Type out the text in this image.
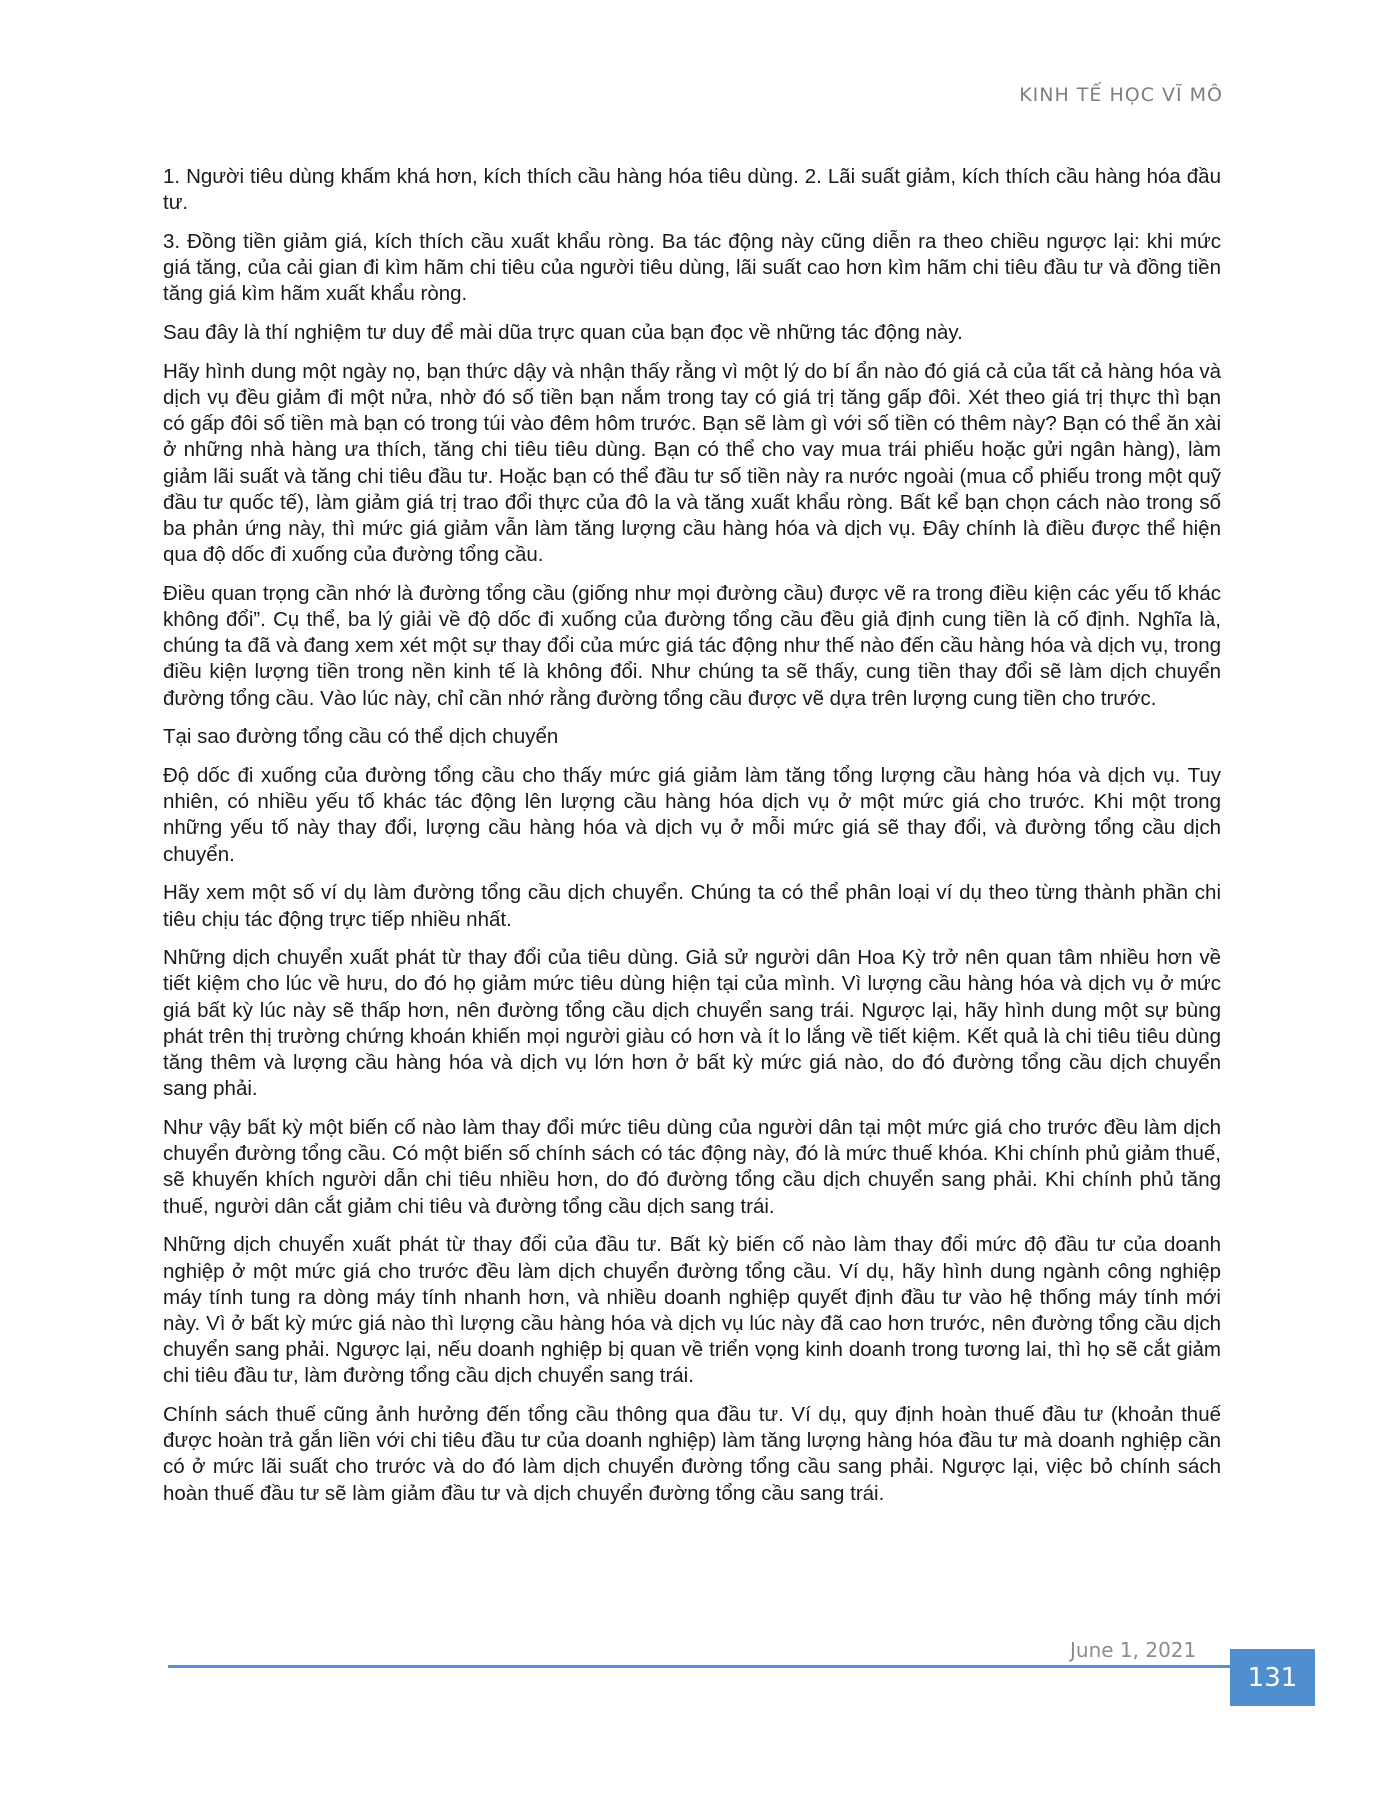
KINH TẾ HỌC VĨ MÔ

1. Người tiêu dùng khấm khá hơn, kích thích cầu hàng hóa tiêu dùng. 2. Lãi suất giảm, kích thích cầu hàng hóa đầu tư.

3. Đồng tiền giảm giá, kích thích cầu xuất khẩu ròng. Ba tác động này cũng diễn ra theo chiều ngược lại: khi mức giá tăng, của cải gian đi kìm hãm chi tiêu của người tiêu dùng, lãi suất cao hơn kìm hãm chi tiêu đầu tư và đồng tiền tăng giá kìm hãm xuất khẩu ròng.

Sau đây là thí nghiệm tư duy để mài dũa trực quan của bạn đọc về những tác động này.

Hãy hình dung một ngày nọ, bạn thức dậy và nhận thấy rằng vì một lý do bí ẩn nào đó giá cả của tất cả hàng hóa và dịch vụ đều giảm đi một nửa, nhờ đó số tiền bạn nắm trong tay có giá trị tăng gấp đôi. Xét theo giá trị thực thì bạn có gấp đôi số tiền mà bạn có trong túi vào đêm hôm trước. Bạn sẽ làm gì với số tiền có thêm này? Bạn có thể ăn xài ở những nhà hàng ưa thích, tăng chi tiêu tiêu dùng. Bạn có thể cho vay mua trái phiếu hoặc gửi ngân hàng), làm giảm lãi suất và tăng chi tiêu đầu tư. Hoặc bạn có thể đầu tư số tiền này ra nước ngoài (mua cổ phiếu trong một quỹ đầu tư quốc tế), làm giảm giá trị trao đổi thực của đô la và tăng xuất khẩu ròng. Bất kể bạn chọn cách nào trong số ba phản ứng này, thì mức giá giảm vẫn làm tăng lượng cầu hàng hóa và dịch vụ. Đây chính là điều được thể hiện qua độ dốc đi xuống của đường tổng cầu.

Điều quan trọng cần nhớ là đường tổng cầu (giống như mọi đường cầu) được vẽ ra trong điều kiện các yếu tố khác không đổi”. Cụ thể, ba lý giải về độ dốc đi xuống của đường tổng cầu đều giả định cung tiền là cố định. Nghĩa là, chúng ta đã và đang xem xét một sự thay đổi của mức giá tác động như thế nào đến cầu hàng hóa và dịch vụ, trong điều kiện lượng tiền trong nền kinh tế là không đổi. Như chúng ta sẽ thấy, cung tiền thay đổi sẽ làm dịch chuyển đường tổng cầu. Vào lúc này, chỉ cần nhớ rằng đường tổng cầu được vẽ dựa trên lượng cung tiền cho trước.

Tại sao đường tổng cầu có thể dịch chuyển

Độ dốc đi xuống của đường tổng cầu cho thấy mức giá giảm làm tăng tổng lượng cầu hàng hóa và dịch vụ. Tuy nhiên, có nhiều yếu tố khác tác động lên lượng cầu hàng hóa dịch vụ ở một mức giá cho trước. Khi một trong những yếu tố này thay đổi, lượng cầu hàng hóa và dịch vụ ở mỗi mức giá sẽ thay đổi, và đường tổng cầu dịch chuyển.

Hãy xem một số ví dụ làm đường tổng cầu dịch chuyển. Chúng ta có thể phân loại ví dụ theo từng thành phần chi tiêu chịu tác động trực tiếp nhiều nhất.

Những dịch chuyển xuất phát từ thay đổi của tiêu dùng. Giả sử người dân Hoa Kỳ trở nên quan tâm nhiều hơn về tiết kiệm cho lúc về hưu, do đó họ giảm mức tiêu dùng hiện tại của mình. Vì lượng cầu hàng hóa và dịch vụ ở mức giá bất kỳ lúc này sẽ thấp hơn, nên đường tổng cầu dịch chuyển sang trái. Ngược lại, hãy hình dung một sự bùng phát trên thị trường chứng khoán khiến mọi người giàu có hơn và ít lo lắng về tiết kiệm. Kết quả là chi tiêu tiêu dùng tăng thêm và lượng cầu hàng hóa và dịch vụ lớn hơn ở bất kỳ mức giá nào, do đó đường tổng cầu dịch chuyển sang phải.

Như vậy bất kỳ một biến cố nào làm thay đổi mức tiêu dùng của người dân tại một mức giá cho trước đều làm dịch chuyển đường tổng cầu. Có một biến số chính sách có tác động này, đó là mức thuế khóa. Khi chính phủ giảm thuế, sẽ khuyến khích người dẫn chi tiêu nhiều hơn, do đó đường tổng cầu dịch chuyển sang phải. Khi chính phủ tăng thuế, người dân cắt giảm chi tiêu và đường tổng cầu dịch sang trái.

Những dịch chuyển xuất phát từ thay đổi của đầu tư. Bất kỳ biến cố nào làm thay đổi mức độ đầu tư của doanh nghiệp ở một mức giá cho trước đều làm dịch chuyển đường tổng cầu. Ví dụ, hãy hình dung ngành công nghiệp máy tính tung ra dòng máy tính nhanh hơn, và nhiều doanh nghiệp quyết định đầu tư vào hệ thống máy tính mới này. Vì ở bất kỳ mức giá nào thì lượng cầu hàng hóa và dịch vụ lúc này đã cao hơn trước, nên đường tổng cầu dịch chuyển sang phải. Ngược lại, nếu doanh nghiệp bị quan về triển vọng kinh doanh trong tương lai, thì họ sẽ cắt giảm chi tiêu đầu tư, làm đường tổng cầu dịch chuyển sang trái.

Chính sách thuế cũng ảnh hưởng đến tổng cầu thông qua đầu tư. Ví dụ, quy định hoàn thuế đầu tư (khoản thuế được hoàn trả gắn liền với chi tiêu đầu tư của doanh nghiệp) làm tăng lượng hàng hóa đầu tư mà doanh nghiệp cần có ở mức lãi suất cho trước và do đó làm dịch chuyển đường tổng cầu sang phải. Ngược lại, việc bỏ chính sách hoàn thuế đầu tư sẽ làm giảm đầu tư và dịch chuyển đường tổng cầu sang trái.

June 1, 2021
131
